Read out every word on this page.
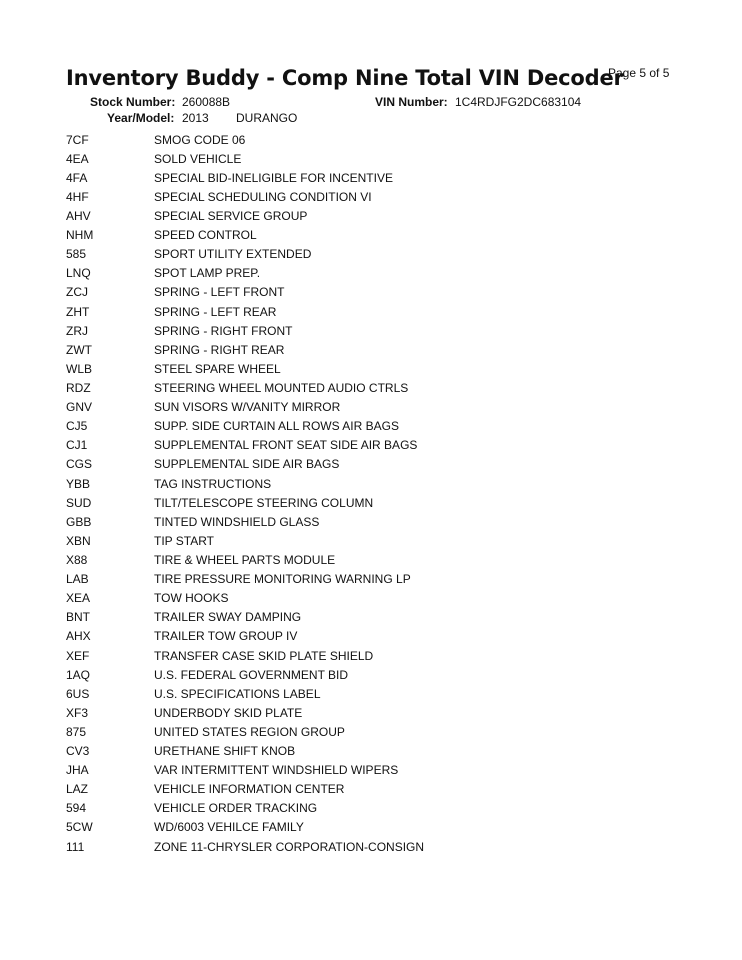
Inventory Buddy - Comp Nine Total VIN Decoder
Page 5 of 5
Stock Number: 260088B	VIN Number: 1C4RDJFG2DC683104
Year/Model: 2013 DURANGO
7CF	SMOG CODE 06
4EA	SOLD VEHICLE
4FA	SPECIAL BID-INELIGIBLE FOR INCENTIVE
4HF	SPECIAL SCHEDULING CONDITION VI
AHV	SPECIAL SERVICE GROUP
NHM	SPEED CONTROL
585	SPORT UTILITY EXTENDED
LNQ	SPOT LAMP PREP.
ZCJ	SPRING - LEFT FRONT
ZHT	SPRING - LEFT REAR
ZRJ	SPRING - RIGHT FRONT
ZWT	SPRING - RIGHT REAR
WLB	STEEL SPARE WHEEL
RDZ	STEERING WHEEL MOUNTED AUDIO CTRLS
GNV	SUN VISORS W/VANITY MIRROR
CJ5	SUPP. SIDE CURTAIN ALL ROWS AIR BAGS
CJ1	SUPPLEMENTAL FRONT SEAT SIDE AIR BAGS
CGS	SUPPLEMENTAL SIDE AIR BAGS
YBB	TAG INSTRUCTIONS
SUD	TILT/TELESCOPE STEERING COLUMN
GBB	TINTED WINDSHIELD GLASS
XBN	TIP START
X88	TIRE & WHEEL PARTS MODULE
LAB	TIRE PRESSURE MONITORING WARNING LP
XEA	TOW HOOKS
BNT	TRAILER SWAY DAMPING
AHX	TRAILER TOW GROUP IV
XEF	TRANSFER CASE SKID PLATE SHIELD
1AQ	U.S. FEDERAL GOVERNMENT BID
6US	U.S. SPECIFICATIONS LABEL
XF3	UNDERBODY SKID PLATE
875	UNITED STATES REGION GROUP
CV3	URETHANE SHIFT KNOB
JHA	VAR INTERMITTENT WINDSHIELD WIPERS
LAZ	VEHICLE INFORMATION CENTER
594	VEHICLE ORDER TRACKING
5CW	WD/6003 VEHILCE FAMILY
111	ZONE 11-CHRYSLER CORPORATION-CONSIGN
